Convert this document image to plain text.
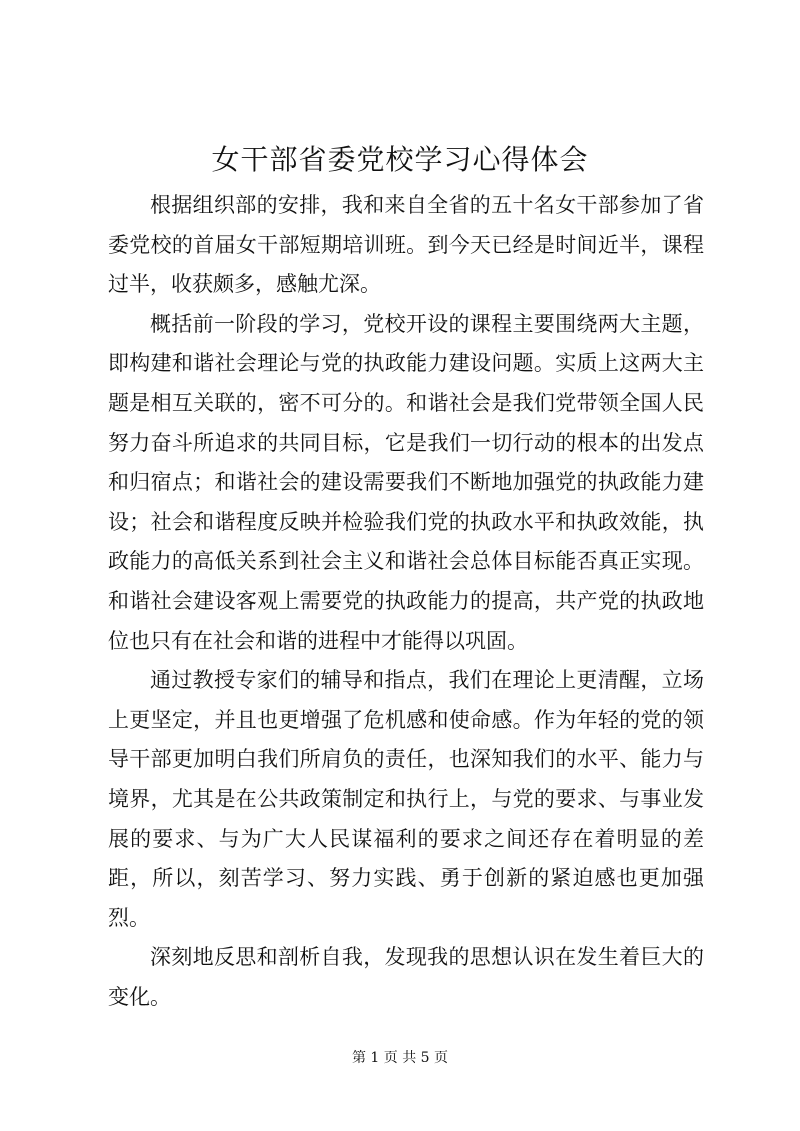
女干部省委党校学习心得体会

根据组织部的安排，我和来自全省的五十名女干部参加了省委党校的首届女干部短期培训班。到今天已经是时间近半，课程过半，收获颇多，感触尤深。

概括前一阶段的学习，党校开设的课程主要围绕两大主题，即构建和谐社会理论与党的执政能力建设问题。实质上这两大主题是相互关联的，密不可分的。和谐社会是我们党带领全国人民努力奋斗所追求的共同目标，它是我们一切行动的根本的出发点和归宿点；和谐社会的建设需要我们不断地加强党的执政能力建设；社会和谐程度反映并检验我们党的执政水平和执政效能，执政能力的高低关系到社会主义和谐社会总体目标能否真正实现。和谐社会建设客观上需要党的执政能力的提高，共产党的执政地位也只有在社会和谐的进程中才能得以巩固。

通过教授专家们的辅导和指点，我们在理论上更清醒，立场上更坚定，并且也更增强了危机感和使命感。作为年轻的党的领导干部更加明白我们所肩负的责任，也深知我们的水平、能力与境界，尤其是在公共政策制定和执行上，与党的要求、与事业发展的要求、与为广大人民谋福利的要求之间还存在着明显的差距，所以，刻苦学习、努力实践、勇于创新的紧迫感也更加强烈。

深刻地反思和剖析自我，发现我的思想认识在发生着巨大的变化。

第 1 页 共 5 页
